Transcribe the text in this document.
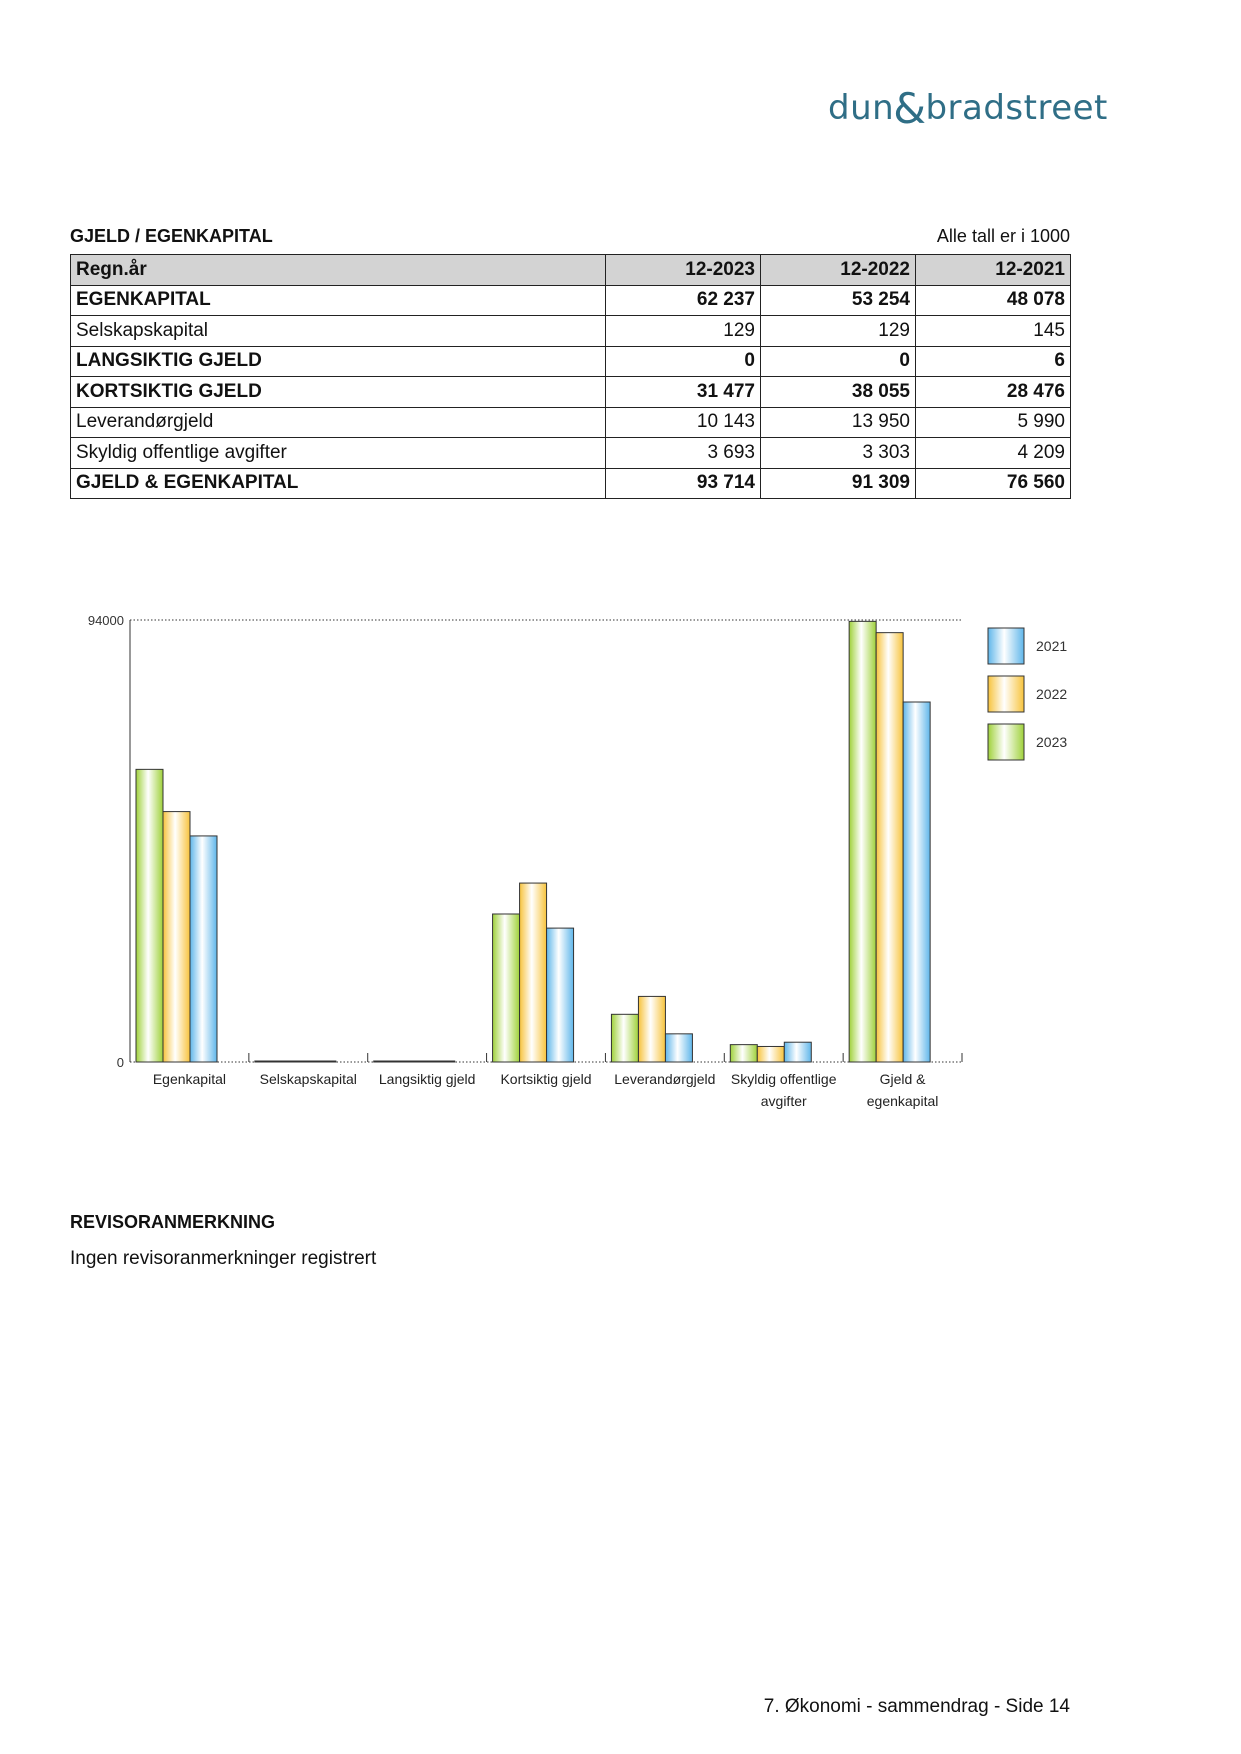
dun&bradstreet
GJELD / EGENKAPITAL	Alle tall er i 1000
Regn.år	12-2023	12-2022	12-2021
EGENKAPITAL	62 237	53 254	48 078
Selskapskapital	129	129	145
LANGSIKTIG GJELD	0	0	6
KORTSIKTIG GJELD	31 477	38 055	28 476
Leverandørgjeld	10 143	13 950	5 990
Skyldig offentlige avgifter	3 693	3 303	4 209
GJELD & EGENKAPITAL	93 714	91 309	76 560
0
94000
Egenkapital Selskapskapital Langsiktig gjeld Kortsiktig gjeld Leverandørgjeld Skyldig offentlige
avgifter
Gjeld &
egenkapital
2021
2022
2023
REVISORANMERKNING
Ingen revisoranmerkninger registrert
7. Økonomi - sammendrag - Side 14
